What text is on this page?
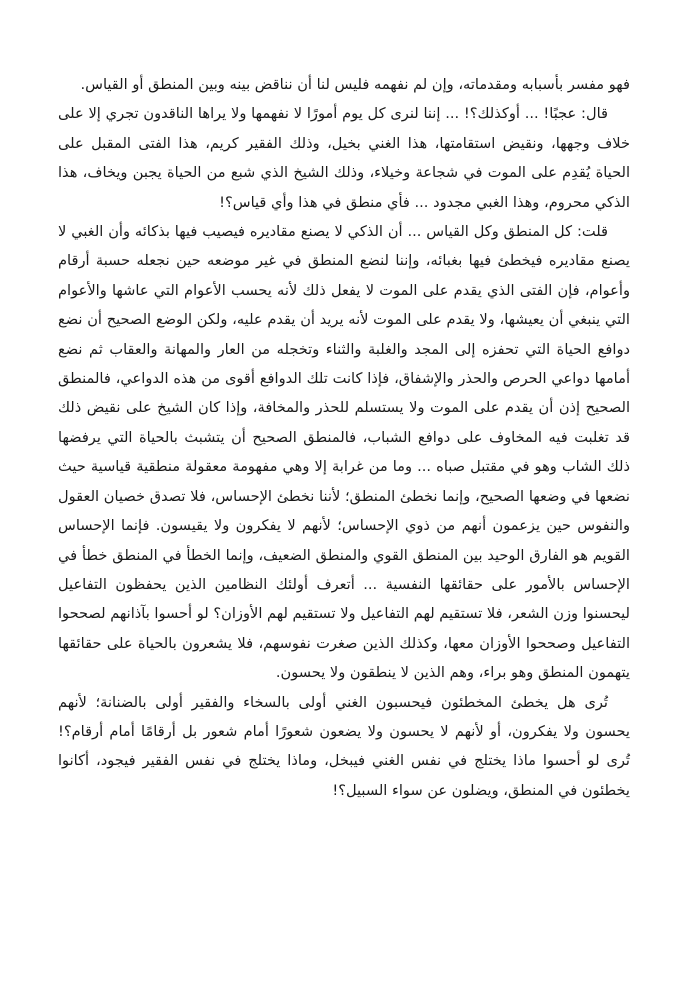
فهو مفسر بأسبابه ومقدماته، وإن لم نفهمه فليس لنا أن نناقض بينه وبين المنطق أو القياس.

قال: عجبًا! ... أوكذلك؟! ... إننا لنرى كل يوم أمورًا لا نفهمها ولا يراها الناقدون تجري إلا على خلاف وجهها، ونقيض استقامتها، هذا الغني بخيل، وذلك الفقير كريم، هذا الفتى المقبل على الحياة يُقدِم على الموت في شجاعة وخيلاء، وذلك الشيخ الذي شبع من الحياة يجبن ويخاف، هذا الذكي محروم، وهذا الغبي مجدود ... فأي منطق في هذا وأي قياس؟!

قلت: كل المنطق وكل القياس ... أن الذكي لا يصنع مقاديره فيصيب فيها بذكائه وأن الغبي لا يصنع مقاديره فيخطئ فيها بغبائه، وإننا لنضع المنطق في غير موضعه حين نجعله حسبة أرقام وأعوام، فإن الفتى الذي يقدم على الموت لا يفعل ذلك لأنه يحسب الأعوام التي عاشها والأعوام التي ينبغي أن يعيشها، ولا يقدم على الموت لأنه يريد أن يقدم عليه، ولكن الوضع الصحيح أن نضع دوافع الحياة التي تحفزه إلى المجد والغلبة والثناء وتخجله من العار والمهانة والعقاب ثم نضع أمامها دواعي الحرص والحذر والإشفاق، فإذا كانت تلك الدوافع أقوى من هذه الدواعي، فالمنطق الصحيح إذن أن يقدم على الموت ولا يستسلم للحذر والمخافة، وإذا كان الشيخ على نقيض ذلك قد تغلبت فيه المخاوف على دوافع الشباب، فالمنطق الصحيح أن يتشبث بالحياة التي يرفضها ذلك الشاب وهو في مقتبل صباه ... وما من غرابة إلا وهي مفهومة معقولة منطقية قياسية حيث نضعها في وضعها الصحيح، وإنما نخطئ المنطق؛ لأننا نخطئ الإحساس، فلا تصدق خصيان العقول والنفوس حين يزعمون أنهم من ذوي الإحساس؛ لأنهم لا يفكرون ولا يقيسون. فإنما الإحساس القويم هو الفارق الوحيد بين المنطق القوي والمنطق الضعيف، وإنما الخطأ في المنطق خطأ في الإحساس بالأمور على حقائقها النفسية ... أتعرف أولئك النظامين الذين يحفظون التفاعيل ليحسنوا وزن الشعر، فلا تستقيم لهم التفاعيل ولا تستقيم لهم الأوزان؟ لو أحسوا بآذانهم لصححوا التفاعيل وصححوا الأوزان معها، وكذلك الذين صغرت نفوسهم، فلا يشعرون بالحياة على حقائقها يتهمون المنطق وهو براء، وهم الذين لا ينطقون ولا يحسون.

تُرى هل يخطئ المخطئون فيحسبون الغني أولى بالسخاء والفقير أولى بالضنانة؛ لأنهم يحسون ولا يفكرون، أو لأنهم لا يحسون ولا يضعون شعورًا أمام شعور بل أرقامًا أمام أرقام؟! تُرى لو أحسوا ماذا يختلج في نفس الغني فيبخل، وماذا يختلج في نفس الفقير فيجود، أكانوا يخطئون في المنطق، ويضلون عن سواء السبيل؟!
